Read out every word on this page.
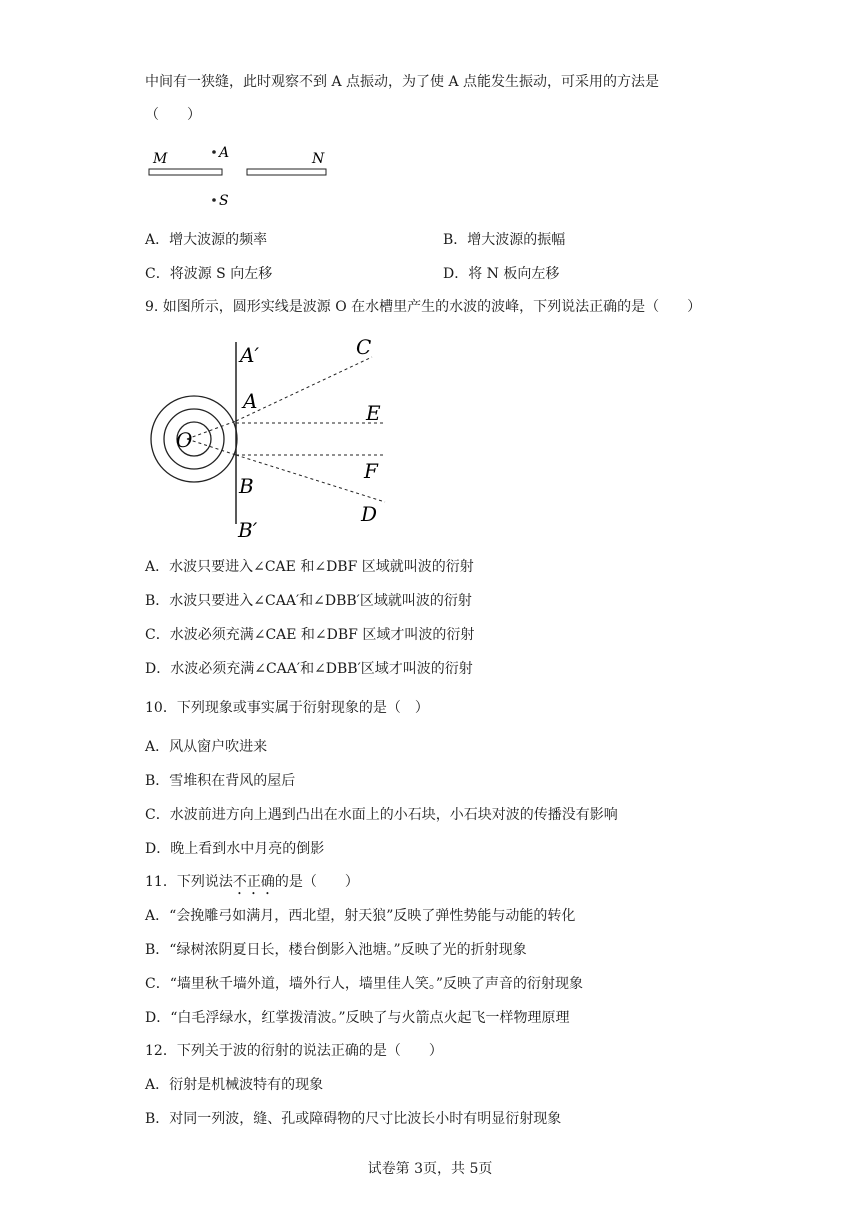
中间有一狭缝，此时观察不到 A 点振动，为了使 A 点能发生振动，可采用的方法是
（　　）
M	N
A
S
A．增大波源的频率	B．增大波源的振幅
C．将波源 S 向左移	D．将 N 板向左移
9. 如图所示，圆形实线是波源 O 在水槽里产生的水波的波峰，下列说法正确的是（　　）
A′	C
A	E
O
F
B
D
B′
A．水波只要进入∠CAE 和∠DBF 区域就叫波的衍射
B．水波只要进入∠CAA′和∠DBB′区域就叫波的衍射
C．水波必须充满∠CAE 和∠DBF 区域才叫波的衍射
D．水波必须充满∠CAA′和∠DBB′区域才叫波的衍射
10．下列现象或事实属于衍射现象的是（　）
A．风从窗户吹进来
B．雪堆积在背风的屋后
C．水波前进方向上遇到凸出在水面上的小石块，小石块对波的传播没有影响
D．晚上看到水中月亮的倒影
11．下列说法不正确的是（　　）
A．“会挽雕弓如满月，西北望，射天狼”反映了弹性势能与动能的转化
B．“绿树浓阴夏日长，楼台倒影入池塘。”反映了光的折射现象
C．“墙里秋千墙外道，墙外行人，墙里佳人笑。”反映了声音的衍射现象
D．“白毛浮绿水，红掌拨清波。”反映了与火箭点火起飞一样物理原理
12．下列关于波的衍射的说法正确的是（　　）
A．衍射是机械波特有的现象
B．对同一列波，缝、孔或障碍物的尺寸比波长小时有明显衍射现象
试卷第 3页，共 5页
